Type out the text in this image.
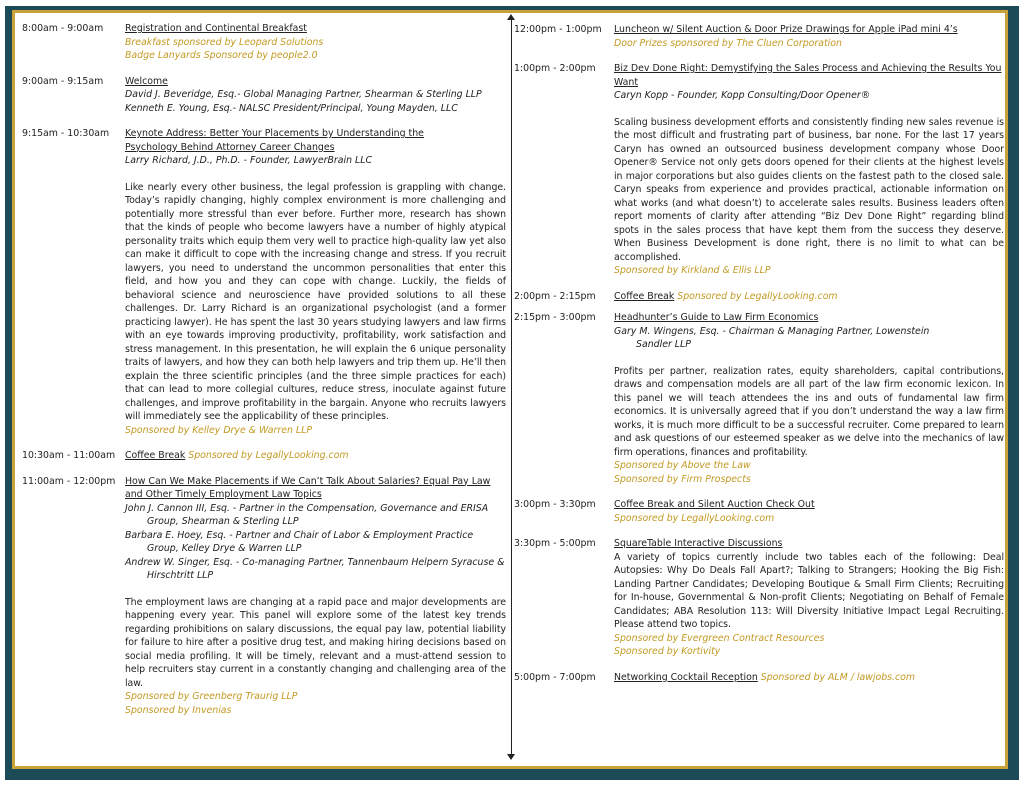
8:00am - 9:00am	Registration and Continental Breakfast
Breakfast sponsored by Leopard Solutions
Badge Lanyards Sponsored by people2.0
9:00am - 9:15am	Welcome
David J. Beveridge, Esq.- Global Managing Partner, Shearman & Sterling LLP
Kenneth E. Young, Esq.- NALSC President/Principal, Young Mayden, LLC
9:15am - 10:30am	Keynote Address: Better Your Placements by Understanding the Psychology Behind Attorney Career Changes
Larry Richard, J.D., Ph.D. - Founder, LawyerBrain LLC
Like nearly every other business, the legal profession is grappling with change. Today’s rapidly changing, highly complex environment is more challenging and potentially more stressful than ever before. Further more, research has shown that the kinds of people who become lawyers have a number of highly atypical personality traits which equip them very well to practice high-quality law yet also can make it difficult to cope with the increasing change and stress. If you recruit lawyers, you need to understand the uncommon personalities that enter this field, and how you and they can cope with change. Luckily, the fields of behavioral science and neuroscience have provided solutions to all these challenges. Dr. Larry Richard is an organizational psychologist (and a former practicing lawyer). He has spent the last 30 years studying lawyers and law firms with an eye towards improving productivity, profitability, work satisfaction and stress management. In this presentation, he will explain the 6 unique personality traits of lawyers, and how they can both help lawyers and trip them up. He’ll then explain the three scientific principles (and the three simple practices for each) that can lead to more collegial cultures, reduce stress, inoculate against future challenges, and improve profitability in the bargain. Anyone who recruits lawyers will immediately see the applicability of these principles.
Sponsored by Kelley Drye & Warren LLP
10:30am - 11:00am	Coffee Break Sponsored by LegallyLooking.com
11:00am - 12:00pm	How Can We Make Placements if We Can’t Talk About Salaries? Equal Pay Law and Other Timely Employment Law Topics
John J. Cannon III, Esq. - Partner in the Compensation, Governance and ERISA Group, Shearman & Sterling LLP
Barbara E. Hoey, Esq. - Partner and Chair of Labor & Employment Practice Group, Kelley Drye & Warren LLP
Andrew W. Singer, Esq. - Co-managing Partner, Tannenbaum Helpern Syracuse & Hirschtritt LLP
The employment laws are changing at a rapid pace and major developments are happening every year. This panel will explore some of the latest key trends regarding prohibitions on salary discussions, the equal pay law, potential liability for failure to hire after a positive drug test, and making hiring decisions based on social media profiling. It will be timely, relevant and a must-attend session to help recruiters stay current in a constantly changing and challenging area of the law.
Sponsored by Greenberg Traurig LLP
Sponsored by Invenias
12:00pm - 1:00pm	Luncheon w/ Silent Auction & Door Prize Drawings for Apple iPad mini 4’s
Door Prizes sponsored by The Cluen Corporation
1:00pm - 2:00pm	Biz Dev Done Right: Demystifying the Sales Process and Achieving the Results You Want
Caryn Kopp - Founder, Kopp Consulting/Door Opener®
Scaling business development efforts and consistently finding new sales revenue is the most difficult and frustrating part of business, bar none. For the last 17 years Caryn has owned an outsourced business development company whose Door Opener® Service not only gets doors opened for their clients at the highest levels in major corporations but also guides clients on the fastest path to the closed sale. Caryn speaks from experience and provides practical, actionable information on what works (and what doesn’t) to accelerate sales results. Business leaders often report moments of clarity after attending “Biz Dev Done Right” regarding blind spots in the sales process that have kept them from the success they deserve. When Business Development is done right, there is no limit to what can be accomplished.
Sponsored by Kirkland & Ellis LLP
2:00pm - 2:15pm	Coffee Break Sponsored by LegallyLooking.com
2:15pm - 3:00pm	Headhunter’s Guide to Law Firm Economics
Gary M. Wingens, Esq. - Chairman & Managing Partner, Lowenstein Sandler LLP
Profits per partner, realization rates, equity shareholders, capital contributions, draws and compensation models are all part of the law firm economic lexicon. In this panel we will teach attendees the ins and outs of fundamental law firm economics. It is universally agreed that if you don’t understand the way a law firm works, it is much more difficult to be a successful recruiter. Come prepared to learn and ask questions of our esteemed speaker as we delve into the mechanics of law firm operations, finances and profitability.
Sponsored by Above the Law
Sponsored by Firm Prospects
3:00pm - 3:30pm	Coffee Break and Silent Auction Check Out
Sponsored by LegallyLooking.com
3:30pm - 5:00pm	SquareTable Interactive Discussions
A variety of topics currently include two tables each of the following: Deal Autopsies: Why Do Deals Fall Apart?; Talking to Strangers; Hooking the Big Fish: Landing Partner Candidates; Developing Boutique & Small Firm Clients; Recruiting for In-house, Governmental & Non-profit Clients; Negotiating on Behalf of Female Candidates; ABA Resolution 113: Will Diversity Initiative Impact Legal Recruiting. Please attend two topics.
Sponsored by Evergreen Contract Resources
Sponsored by Kortivity
5:00pm - 7:00pm	Networking Cocktail Reception Sponsored by ALM / lawjobs.com
